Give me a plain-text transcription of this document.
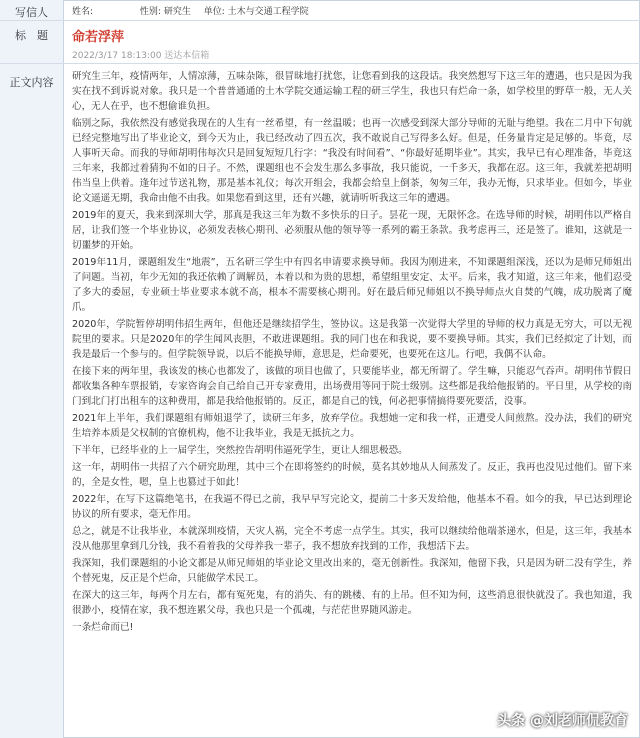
写信人
标　题
正文内容
姓名:	性别: 研究生 单位: 土木与交通工程学院
命若浮萍
2022/3/17 18:13:00 送达本信箱

研究生三年，疫情两年，人情凉薄，五味杂陈，很冒昧地打扰您，让您看到我的这段话。我突然想写下这三年的遭遇，也只是因为我实在找不到诉说对象。我只是一个普普通通的土木学院交通运输工程的研三学生，我也只有烂命一条，如学校里的野草一般，无人关心，无人在乎，也不想偷谁负担。

临别之际，我依然没有感觉我现在的人生有一丝希望，有一丝温暖；也再一次感受到深大部分导师的无耻与绝望。我在二月中下旬就已经完整地写出了毕业论文，到今天为止，我已经改动了四五次，我不敢说自己写得多么好。但是，任务量肯定是足够的。毕竟，尽人事听天命。而我的导师胡明伟每次只是回复短短几行字：“我没有时间看”、“你最好延期毕业”。其实，我早已有心理准备，毕竟这三年来，我都过着猜狗不如的日子。不然，课题组也不会发生那么多事故，我只能说，一千多天，我都在忍。这三年，我就差把胡明伟当皇上供着。逢年过节送礼物，那是基本礼仪；每次开组会，我都会给皇上倒茶，匆匆三年，我办无悔，只求毕业。但如今，毕业论文遥遥无期，我命由他不由我。如果您看到这里，还有兴趣，就请听听我这三年的遭遇。

2019年的夏天，我来到深圳大学，那真是我这三年为数不多快乐的日子。昙花一现，无限怀念。在选导师的时候，胡明伟以严格自居，让我们签一个毕业协议，必须发表核心期刊、必须服从他的领导等一系列的霸王条款。我考虑再三，还是签了。谁知，这就是一切噩梦的开始。

2019年11月，课题组发生“地震”，五名研三学生中有四名申请要求换导师。我因为刚进来，不知课题组深浅，还以为是师兄师姐出了问题。当初，年少无知的我还依赖了调解员，本着以和为贵的思想，希望组里安定、太平。后来，我才知道，这三年来，他们忍受了多大的委屈，专业硕士毕业要求本就不高，根本不需要核心期刊。好在最后师兄师姐以不换导师点火自焚的气魄，成功脱离了魔爪。

2020年，学院暂停胡明伟招生两年，但他还是继续招学生，签协议。这是我第一次觉得大学里的导师的权力真是无穷大，可以无视院里的要求。只是2020年的学生闻风丧胆，不敢进课题组。我的同门也在和我说，要不要换导师。其实，我们已经拟定了计划，而我是最后一个参与的。但学院领导说，以后不能换导师，意思是，烂命要死，也要死在这儿。行吧，我偶不认命。

在接下来的两年里，我该发的核心也都发了，该做的项目也做了，只要能毕业，都无所谓了。学生嘛，只能忍气吞声。胡明伟节假日都收集各种车票报销，专家咨询会自己给自己开专家费用，出场费用等同于院士级别。这些都是我给他报销的。平日里，从学校的南门到北门打出租车的这种费用，都是我给他报销的。反正，都是自己的钱，何必把事情搞得要死要活，没事。

2021年上半年，我们课题组有师姐退学了，读研三年多，放弃学位。我想她一定和我一样，正遭受人间煎熬。没办法，我们的研究生培养本质是父权制的官僚机构，他不让我毕业，我是无抵抗之力。

下半年，已经毕业的上一届学生，突然控告胡明伟逼死学生，更让人细思极恐。

这一年，胡明伟一共招了六个研究助理，其中三个在即将签约的时候，莫名其妙地从人间蒸发了。反正，我再也没见过他们。留下来的，全是女性，嗯，皇上也篡过于如此！

2022年，在写下这篇绝笔书，在我逼不得已之前，我早早写完论文，提前二十多天发给他，他基本不看。如今的我，早已达到理论协议的所有要求，毫无作用。

总之，就是不让我毕业，本就深圳疫情，天灾人祸，完全不考虑一点学生。其实，我可以继续给他端茶递水，但是，这三年，我基本没从他那里拿到几分钱，我不看着我的父母养我一辈子，我不想放弃找到的工作，我想活下去。

我深知，我们课题组的小论文都是从师兄师姐的毕业论文里改出来的，毫无创新性。我深知，他留下我，只是因为研二没有学生，养个替死鬼，反正是个烂命，只能做学术民工。

在深大的这三年，每两个月左右，都有冤死鬼，有的消失、有的跳楼、有的上吊。但不知为何，这些消息很快就没了。我也知道，我很渺小，疫情在家，我不想连累父母，我也只是一个孤魂，与茫茫世界随风游走。

一条烂命而已!

头条 @刘老师侃教育
